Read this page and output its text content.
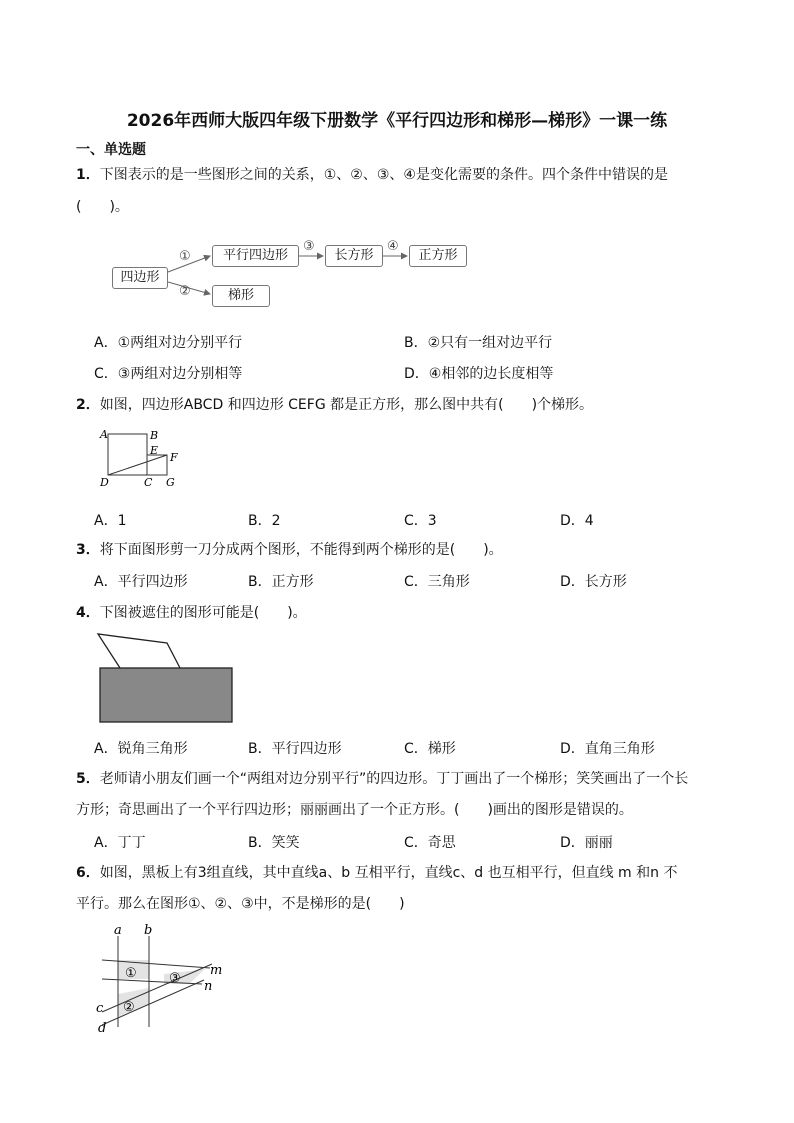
2026年西师大版四年级下册数学《平行四边形和梯形—梯形》一课一练
一、单选题
1．下图表示的是一些图形之间的关系，①、②、③、④是变化需要的条件。四个条件中错误的是
(　　)。
四边形
平行四边形	长方形	正方形
梯形
①
②
③	④
A．①两组对边分别平行	B．②只有一组对边平行
C．③两组对边分别相等	D．④相邻的边长度相等
2．如图，四边形ABCD 和四边形 CEFG 都是正方形，那么图中共有(　　)个梯形。
A	B
E
F
D	C G
A．1	B．2	C．3	D．4
3．将下面图形剪一刀分成两个图形，不能得到两个梯形的是(　　)。
A．平行四边形	B．正方形	C．三角形	D．长方形
4．下图被遮住的图形可能是(　　)。
A．锐角三角形	B．平行四边形	C．梯形	D．直角三角形
5．老师请小朋友们画一个“两组对边分别平行”的四边形。丁丁画出了一个梯形；笑笑画出了一个长
方形；奇思画出了一个平行四边形；丽丽画出了一个正方形。(　　)画出的图形是错误的。
A．丁丁	B．笑笑	C．奇思	D．丽丽
6．如图，黑板上有3组直线，其中直线a、b 互相平行，直线c、d 也互相平行，但直线 m 和n 不
平行。那么在图形①、②、③中，不是梯形的是(　　)
a b
c
d
m
n
①
②
③
